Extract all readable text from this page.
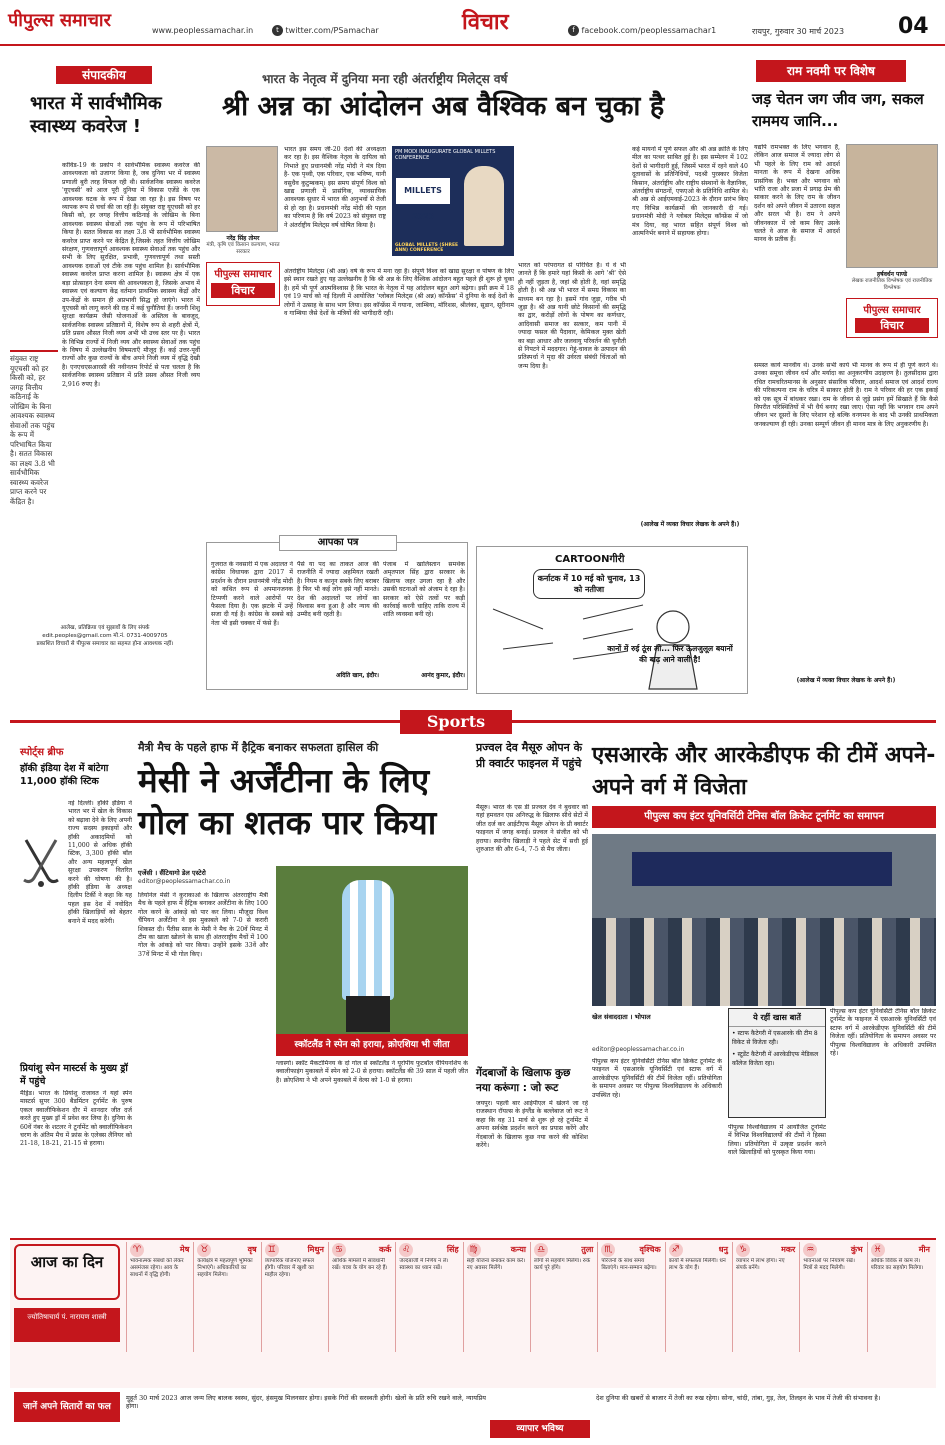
पीपुल्स समाचार	www.peoplessamachar.in	t twitter.com/PSamachar	विचार	f facebook.com/peoplessamachar1	रायपुर, गुरुवार 30 मार्च 2023 04
संपादकीय
भारत में सार्वभौमिक स्वास्थ्य कवरेज !
कोविड-19 के प्रकोप ने सार्वभौमिक स्वास्थ्य कवरेज की आवश्यकता को उजागर किया है, जब दुनिया भर में स्वास्थ्य प्रणाली बुरी तरह विफल रही थी। सार्वजनिक स्वास्थ्य कवरेज 'यूएचसी' को आज पूरी दुनिया में विकास एजेंडे के एक आवश्यक घटक के रूप में देखा जा रहा है। इस विषय पर व्यापक रूप से चर्चा की जा रही है। संयुक्त राष्ट्र यूएचसी को हर किसी को, हर जगह वित्तीय कठिनाई के जोखिम के बिना आवश्यक स्वास्थ्य सेवाओं तक पहुंच के रूप में परिभाषित किया है। सतत विकास का लक्ष्य 3.8 भी सार्वभौमिक स्वास्थ्य कवरेज प्राप्त करने पर केंद्रित है,जिसके तहत वित्तीय जोखिम संरक्षण, गुणवत्तापूर्ण आवश्यक स्वास्थ्य सेवाओं तक पहुंच और सभी के लिए सुरक्षित, प्रभावी, गुणवत्तापूर्ण तथा सस्ती आवश्यक दवाओं एवं टीके तक पहुंच शामिल है। सार्वभौमिक स्वास्थ्य कवरेज प्राप्त करना शामिल है। स्वास्थ्य क्षेत्र में एक बड़ा प्रोत्साहन देना समय की आवश्यकता है, जिसके अभाव में स्वास्थ्य एवं कल्याण केंद्र वर्तमान प्राथमिक स्वास्थ्य केंद्रों और उप-केंद्रों के समान ही अप्रभावी सिद्ध हो जाएंगे। भारत में यूएचसी को लागू करने की राह में कई चुनौतियां हैं। जननी शिशु सुरक्षा कार्यक्रम जैसी योजनाओं के अस्तित्व के बावजूद, सार्वजनिक स्वास्थ्य प्रतिष्ठानों में, विशेष रूप से शहरी क्षेत्रों में, प्रति प्रसव औसत निजी व्यय अभी भी उच्च स्तर पर है। भारत के विभिन्न राज्यों में निजी व्यय और स्वास्थ्य सेवाओं तक पहुंच के विषय में उल्लेखनीय विषमताएँ मौजूद हैं। कई उत्तर-पूर्वी राज्यों और कुछ राज्यों के बीच अपने निजी व्यय में वृद्धि देखी है। एनएचएसआरसी की नवीनतम रिपोर्ट से पता चलता है कि सार्वजनिक स्वास्थ्य प्रतिष्ठान में प्रति प्रसव औसत निजी व्यय 2,916 रुपए है।
संयुक्त राष्ट्र यूएचसी को हर किसी को, हर जगह वित्तीय कठिनाई के जोखिम के बिना आवश्यक स्वास्थ्य सेवाओं तक पहुंच के रूप में परिभाषित किया है। सतत विकास का लक्ष्य 3.8 भी सार्वभौमिक स्वास्थ्य कवरेज प्राप्त करने पर केंद्रित है।
आलेख, प्रतिक्रिया एवं सुझावों के लिए संपर्क
edit.peoples@gmail.com मो.नं. 0731-4009705
प्रकाशित विचारों से पीपुल्स समाचार का सहमत होना आवश्यक नहीं।
भारत के नेतृत्व में दुनिया मना रही अंतर्राष्ट्रीय मिलेट्स वर्ष
श्री अन्न का आंदोलन अब वैश्विक बन चुका है
नरेंद्र सिंह तोमर
मंत्री, कृषि एवं किसान कल्याण, भारत सरकार
पीपुल्स समाचार
विचार
भारत इस समय जी-20 देशों की अध्यक्षता कर रहा है। इस वैश्विक नेतृत्व के दायित्व को निभाते हुए प्रधानमंत्री नरेंद्र मोदी ने मंत्र दिया है- एक पृथ्वी, एक परिवार, एक भविष्य, यानी वसुधैव कुटुम्बकम्। इस समय संपूर्ण विश्व को खाद्य प्रणाली में प्रासंगिक, व्यावसायिक आवश्यक सुधार में भारत की अनुभवों से तेजी से हो रहा है। प्रधानमंत्री नरेंद्र मोदी की पहल का परिणाम है कि वर्ष 2023 को संयुक्त राष्ट्र ने अंतर्राष्ट्रीय मिलेट्स वर्ष घोषित किया है।
PM MODI INAUGURATE GLOBAL MILLETS CONFERENCE
MILLETS 2023
GLOBAL MILLETS (SHREE ANN) CONFERENCE
अंतर्राष्ट्रीय मिलेट्स (श्री अन्न) वर्ष के रूप में मना रहा है। संपूर्ण विश्व को खाद्य सुरक्षा व पोषण के लिए इसे स्थान रखते हुए यह उल्लेखनीय है कि श्री अन्न के लिए वैश्विक आंदोलन बहुत पहले ही शुरू हो चुका है। हमें भी पूर्ण आत्मविश्वास है कि भारत के नेतृत्व में यह आंदोलन बहुत आगे बढ़ेगा। इसी क्रम में 18 एवं 19 मार्च को नई दिल्ली में आयोजित 'ग्लोबल मिलेट्स (श्री अन्न) कॉन्फ्रेंस' में दुनिया के कई देशों के लोगों ने उत्साह के साथ भाग लिया। इस कॉन्फ्रेंस में गयाना, जाम्बिया, मॉरिशस, श्रीलंका, सूडान, सूरीनाम व गाम्बिया जैसे देशों के मंत्रियों की भागीदारी रही।
भारत को परंपरागत से परिचित है। ये वे भी जानते हैं कि हमारे यहां किसी के आगे 'श्री' ऐसे ही नहीं जुड़ता है, जहां श्री होती है, वहां समृद्धि होती है। श्री अन्न भी भारत में समग्र विकास का माध्यम बन रहा है। इसमें गांव जुड़ा, गरीब भी जुड़ा है। श्री अन्न यानी छोटे किसानों की समृद्धि का द्वार, करोड़ों लोगों के पोषण का कर्णधार, आदिवासी समाज का सत्कार, कम पानी में ज्यादा फसल की पैदावार, केमिकल मुक्त खेती का बड़ा आधार और जलवायु परिवर्तन की चुनौती से निपटने में मददगार। गेहूं-चावल के उत्पादन की प्रतिस्पर्धा ने मृदा की उर्वरता संबंधी चिंताओं को जन्म दिया है।
कई मायनों में पूर्ण सफल और श्री अन्न क्रांति के लिए मील का पत्थर साबित हुई है। इस सम्मेलन में 102 देशों से भागीदारी हुई, जिसमें भारत में रहने वाले 40 दूतावासों के प्रतिनिधियों, पदश्री पुरस्कार विजेता किसान, अंतर्राष्ट्रीय और राष्ट्रीय संस्थानों के वैज्ञानिक, अंतर्राष्ट्रीय संगठनों, एफएओ के प्रतिनिधि शामिल थे। श्री अन्न से आईएमवाई-2023 के दौरान प्रारंभ किए गए विभिन्न कार्यक्रमों की जानकारी दी गई। प्रधानमंत्री मोदी ने ग्लोबल मिलेट्स कॉन्फ्रेंस में जो मंत्र दिया, वह भारत सहित संपूर्ण विश्व को आत्मनिर्भर बनाने में सहायक होगा।
(आलेख में व्यक्त विचार लेखक के अपने हैं।)
राम नवमी पर विशेष
जड़ चेतन जग जीव जग, सकल राममय जानि...
यद्यपि रामभक्त के लिए भगवान हैं, लेकिन आज समाज में ज्यादा लोग से भी पहले के लिए राम को आदर्श मानता के रूप में देखना अधिक प्रासंगिक है। भक्त और भगवान को भांति राजा और प्रजा में प्रगाढ़ प्रेम की साकार करने के लिए राम के जीवन दर्शन को अपने जीवन में उतारना सहज और सरल भी है। राम ने अपने जीवनकाल में जो काम किए उसके चलते वे आज के समाज में आदर्श मानव के प्रतीक हैं।
हर्षवर्धन पाण्डे
लेखक राजनीतिक विश्लेषक एवं राजनीतिक विश्लेषक
पीपुल्स समाचार
विचार
समस्त कार्य मानवीय थे। उनके सभी कार्य भी मानव के रूप में ही पूर्ण करने थे। उनका समूचा जीवन धर्म और मर्यादा का अनुकरणीय उदाहरण है। तुलसीदास द्वारा रचित रामचरितमानस के अनुसार संसारिक परिवार, आदर्श समाज एवं आदर्श राज्य की परिकल्पना राम के चरित्र में साकार होती है। राम ने परिवार की हर एक इकाई को एक सूत्र में बांधकर रखा। राम के जीवन से जुड़े प्रसंग हमें सिखाते हैं कि कैसे विपरीत परिस्थितियों में भी धैर्य बनाए रखा जाए। ऐसा नहीं कि भगवान राम अपने जीवन भर दूसरों के लिए परेशान रहे बल्कि वनगमन के बाद भी उनकी प्राथमिकता जनकल्याण ही रही। उनका सम्पूर्ण जीवन ही मानव मात्र के लिए अनुकरणीय है।
(आलेख में व्यक्त विचार लेखक के अपने हैं।)
आपका पत्र
गुजरात के नवसारी में एक अदालत ने कांग्रेस विधायक द्वारा 2017 में प्रदर्शन के दौरान प्रधानमंत्री नरेंद्र मोदी को कथित रूप से अपमानजनक टिप्पणी करने वाले आरोपों पर फैसला दिया है। एक झटके में उन्हें सजा दी गई है। कांग्रेस के सबसे बड़े नेता भी इसी चक्कर में फंसे हैं।
पैसे या पद का ताकत आज की राजनीति में ज्यादा अहमियत रखती है। नियम व कानून सबके लिए बराबर है फिर भी कई लोग इसे नहीं मानते। देश की अदालतों पर लोगों का विश्वास बना हुआ है और न्याय की उम्मीद बनी रहती है।
पंजाब में खालिस्तान समर्थक अमृतपाल सिंह द्वारा सरकार के खिलाफ जहर उगला रहा है और उसकी घटनाओं को अंजाम दे रहा है। सरकार को ऐसे तत्वों पर कड़ी कार्रवाई करनी चाहिए ताकि राज्य में शांति व्यवस्था बनी रहे।
अदिति खान, इंदौर।	आनंद कुमार, इंदौर।
CARTOONगीरी
कर्नाटक में 10 मई को चुनाव, 13 को नतीजा
कानों में रुई ठूंस लो... फिर ऊलजुलूल बयानों की बाढ़ आने वाली है!
Sports
स्पोर्ट्स ब्रीफ
हॉकी इंडिया देश में बांटेगा 11,000 हॉकी स्टिक
नई दिल्ली। हॉकी इंडिया ने भारत भर में खेल के विकास को बढ़ावा देने के लिए अपनी राज्य सदस्य इकाइयों और हॉकी अकादमियों को 11,000 से अधिक हॉकी स्टिक, 3,300 हॉकी बॉल और अन्य महत्वपूर्ण खेल सुरक्षा उपकरण वितरित करने की घोषणा की है। हॉकी इंडिया के अध्यक्ष दिलीप टिर्की ने कहा कि यह पहल इस देश में नवोदित हॉकी खिलाड़ियों को बेहतर बनाने में मदद करेगी।
प्रियांशु स्पेन मास्टर्स के मुख्य ड्रॉ में पहुंचे
मैड्रिड। भारत के प्रियांशु राजावत ने यहां स्पेन मास्टर्स सुपर 300 बैडमिंटन टूर्नामेंट के पुरुष एकल क्वालीफिकेशन दौर में शानदार जीत दर्ज करते हुए मुख्य ड्रॉ में प्रवेश कर लिया है। दुनिया के 60वें नंबर के शटलर ने टूर्नामेंट को क्वालीफिकेशन चरण के अंतिम मैच में फ्रांस के एलेक्स लैनियर को 21-18, 18-21, 21-15 से हराया।
मैत्री मैच के पहले हाफ में हैट्रिक बनाकर सफलता हासिल की
मेसी ने अर्जेंटीना के लिए गोल का शतक पार किया
एजेंसी । सैंटियागो डेल एस्टेरो
editor@peoplessamachar.co.in
लियोनेल मेसी ने कुराकाओ के खिलाफ अंतरराष्ट्रीय मैत्री मैच के पहले हाफ में हैट्रिक बनाकर अर्जेंटीना के लिए 100 गोल करने के आंकड़े को पार कर लिया। मौजूदा विश्व चैंपियन अर्जेंटीना ने इस मुकाबले को 7-0 से करारी शिकस्त दी। पैंतीस साल के मेसी ने मैच के 20वें मिनट में टीम का खाता खोलने के साथ ही अंतरराष्ट्रीय मैचों में 100 गोल के आंकड़े को पार किया। उन्होंने इसके 33वें और 37वें मिनट में भी गोल किए।
स्कॉटलैंड ने स्पेन को हराया, क्रोएशिया भी जीता
ग्लास्गो। स्कॉट मैकटोमिनय के दो गोल से स्कॉटलैंड ने यूरोपीय फुटबॉल चैंपियनशिप के क्वालीफाइंग मुकाबले में स्पेन को 2-0 से हराया। स्कॉटलैंड की 39 साल में पहली जीत है। क्रोएशिया ने भी अपने मुकाबले में वेल्स को 1-0 से हराया।
प्रज्वल देव मैसूरु ओपन के प्री क्वार्टर फाइनल में पहुंचे
मैसूरु। भारत के एस डी प्रज्वल देव ने बुधवार को यहां हमवतन एस अनिरुद्ध के खिलाफ सीधे सेटों में जीत दर्ज कर आईटीएफ मैसूरु ओपन के प्री क्वार्टर फाइनल में जगह बनाई। प्रज्वल ने संजीत को भी हराया। स्थानीय खिलाड़ी ने पहले सेट में सधी हुई शुरुआत की और 6-4, 7-5 से मैच जीता।
गेंदबाजों के खिलाफ कुछ नया करूंगा : जो रूट
जयपुर। पहली बार आईपीएल में खेलने जा रहे राजस्थान रॉयल्स के इंग्लैंड के बल्लेबाज जो रूट ने कहा कि वह 31 मार्च से शुरू हो रहे टूर्नामेंट में अपना सर्वश्रेष्ठ प्रदर्शन करने का प्रयास करेंगे और गेंदबाजों के खिलाफ कुछ नया करने की कोशिश करेंगे।
एसआरके और आरकेडीएफ की टीमें अपने-अपने वर्ग में विजेता
पीपुल्स कप इंटर यूनिवर्सिटी टेनिस बॉल क्रिकेट टूर्नामेंट का समापन
खेल संवाददाता । भोपाल
editor@peoplessamachar.co.in
पीपुल्स कप इंटर यूनिवर्सिटी टेनिस बॉल क्रिकेट टूर्नामेंट के फाइनल में एसआरके यूनिवर्सिटी एवं स्टाफ वर्ग में आरकेडीएफ यूनिवर्सिटी की टीमें विजेता रहीं। प्रतियोगिता के समापन अवसर पर पीपुल्स विश्वविद्यालय के अधिकारी उपस्थित रहे।
ये रहीं खास बातें
• स्टाफ कैटेगरी में एसआरके की टीम 8 विकेट से विजेता रही।
• स्टूडेंट कैटेगरी में आरकेडीएफ मेडिकल कॉलेज विजेता रहा।
पीपुल्स विश्वविद्यालय में आयोजित टूर्नामेंट में विभिन्न विश्वविद्यालयों की टीमों ने हिस्सा लिया। प्रतियोगिता में उत्कृष्ट प्रदर्शन करने वाले खिलाड़ियों को पुरस्कृत किया गया।
पीपुल्स कप इंटर यूनिवर्सिटी टेनिस बॉल क्रिकेट टूर्नामेंट के फाइनल में एसआरके यूनिवर्सिटी एवं स्टाफ वर्ग में आरकेडीएफ यूनिवर्सिटी की टीमें विजेता रहीं। प्रतियोगिता के समापन अवसर पर पीपुल्स विश्वविद्यालय के अधिकारी उपस्थित रहे।
आज का दिन
ज्योतिषाचार्य पं. नारायण शास्त्री
♈	मेष
भावनात्मक संबंधों को लेकर असमंजस रहेगा। आय के साधनों में वृद्धि होगी।
♉	वृष
कार्यक्षेत्र में महत्वपूर्ण भूमिका निभाएंगे। अधिकारियों का सहयोग मिलेगा।
♊	मिथुन
व्यापारिक योजनाएं सफल होंगी। परिवार में खुशी का माहौल रहेगा।
♋	कर्क
आर्थिक मामलों में सावधानी रखें। यात्रा के योग बन रहे हैं।
♌	सिंह
जल्दबाजी में निर्णय न लें। स्वास्थ्य का ध्यान रखें।
♍	कन्या
सही योजना बनाकर काम करें। नए अवसर मिलेंगे।
♎	तुला
लोगों से सहयोग मिलेगा। रुके कार्य पूरे होंगे।
♏	वृश्चिक
परिजनों के साथ समय बिताएंगे। मान-सम्मान बढ़ेगा।
♐	धनु
कार्यों में सफलता मिलेगी। धन लाभ के योग हैं।
♑	मकर
व्यापार में लाभ होगा। नए संपर्क बनेंगे।
♒	कुंभ
भावनाओं पर नियंत्रण रखें। मित्रों से मदद मिलेगी।
♓	मीन
अधिक विवेक से काम लें। परिवार का सहयोग मिलेगा।
जानें अपने सितारों का फल
मुहूर्त 30 मार्च 2023 आज जन्म लिए बालक स्वस्थ, सुंदर, हंसमुख मिलनसार होगा। इसके गिरों की सरस्वती होगी। खेलों के प्रति रुचि रखने वाले, न्यायप्रिय होगा।
व्यापार भविष्य
देश दुनिया की खबरों से बाजार में तेजी का रुख रहेगा। सोना, चांदी, तांबा, गुड़, तेल, तिलहन के भाव में तेजी की संभावना है।
